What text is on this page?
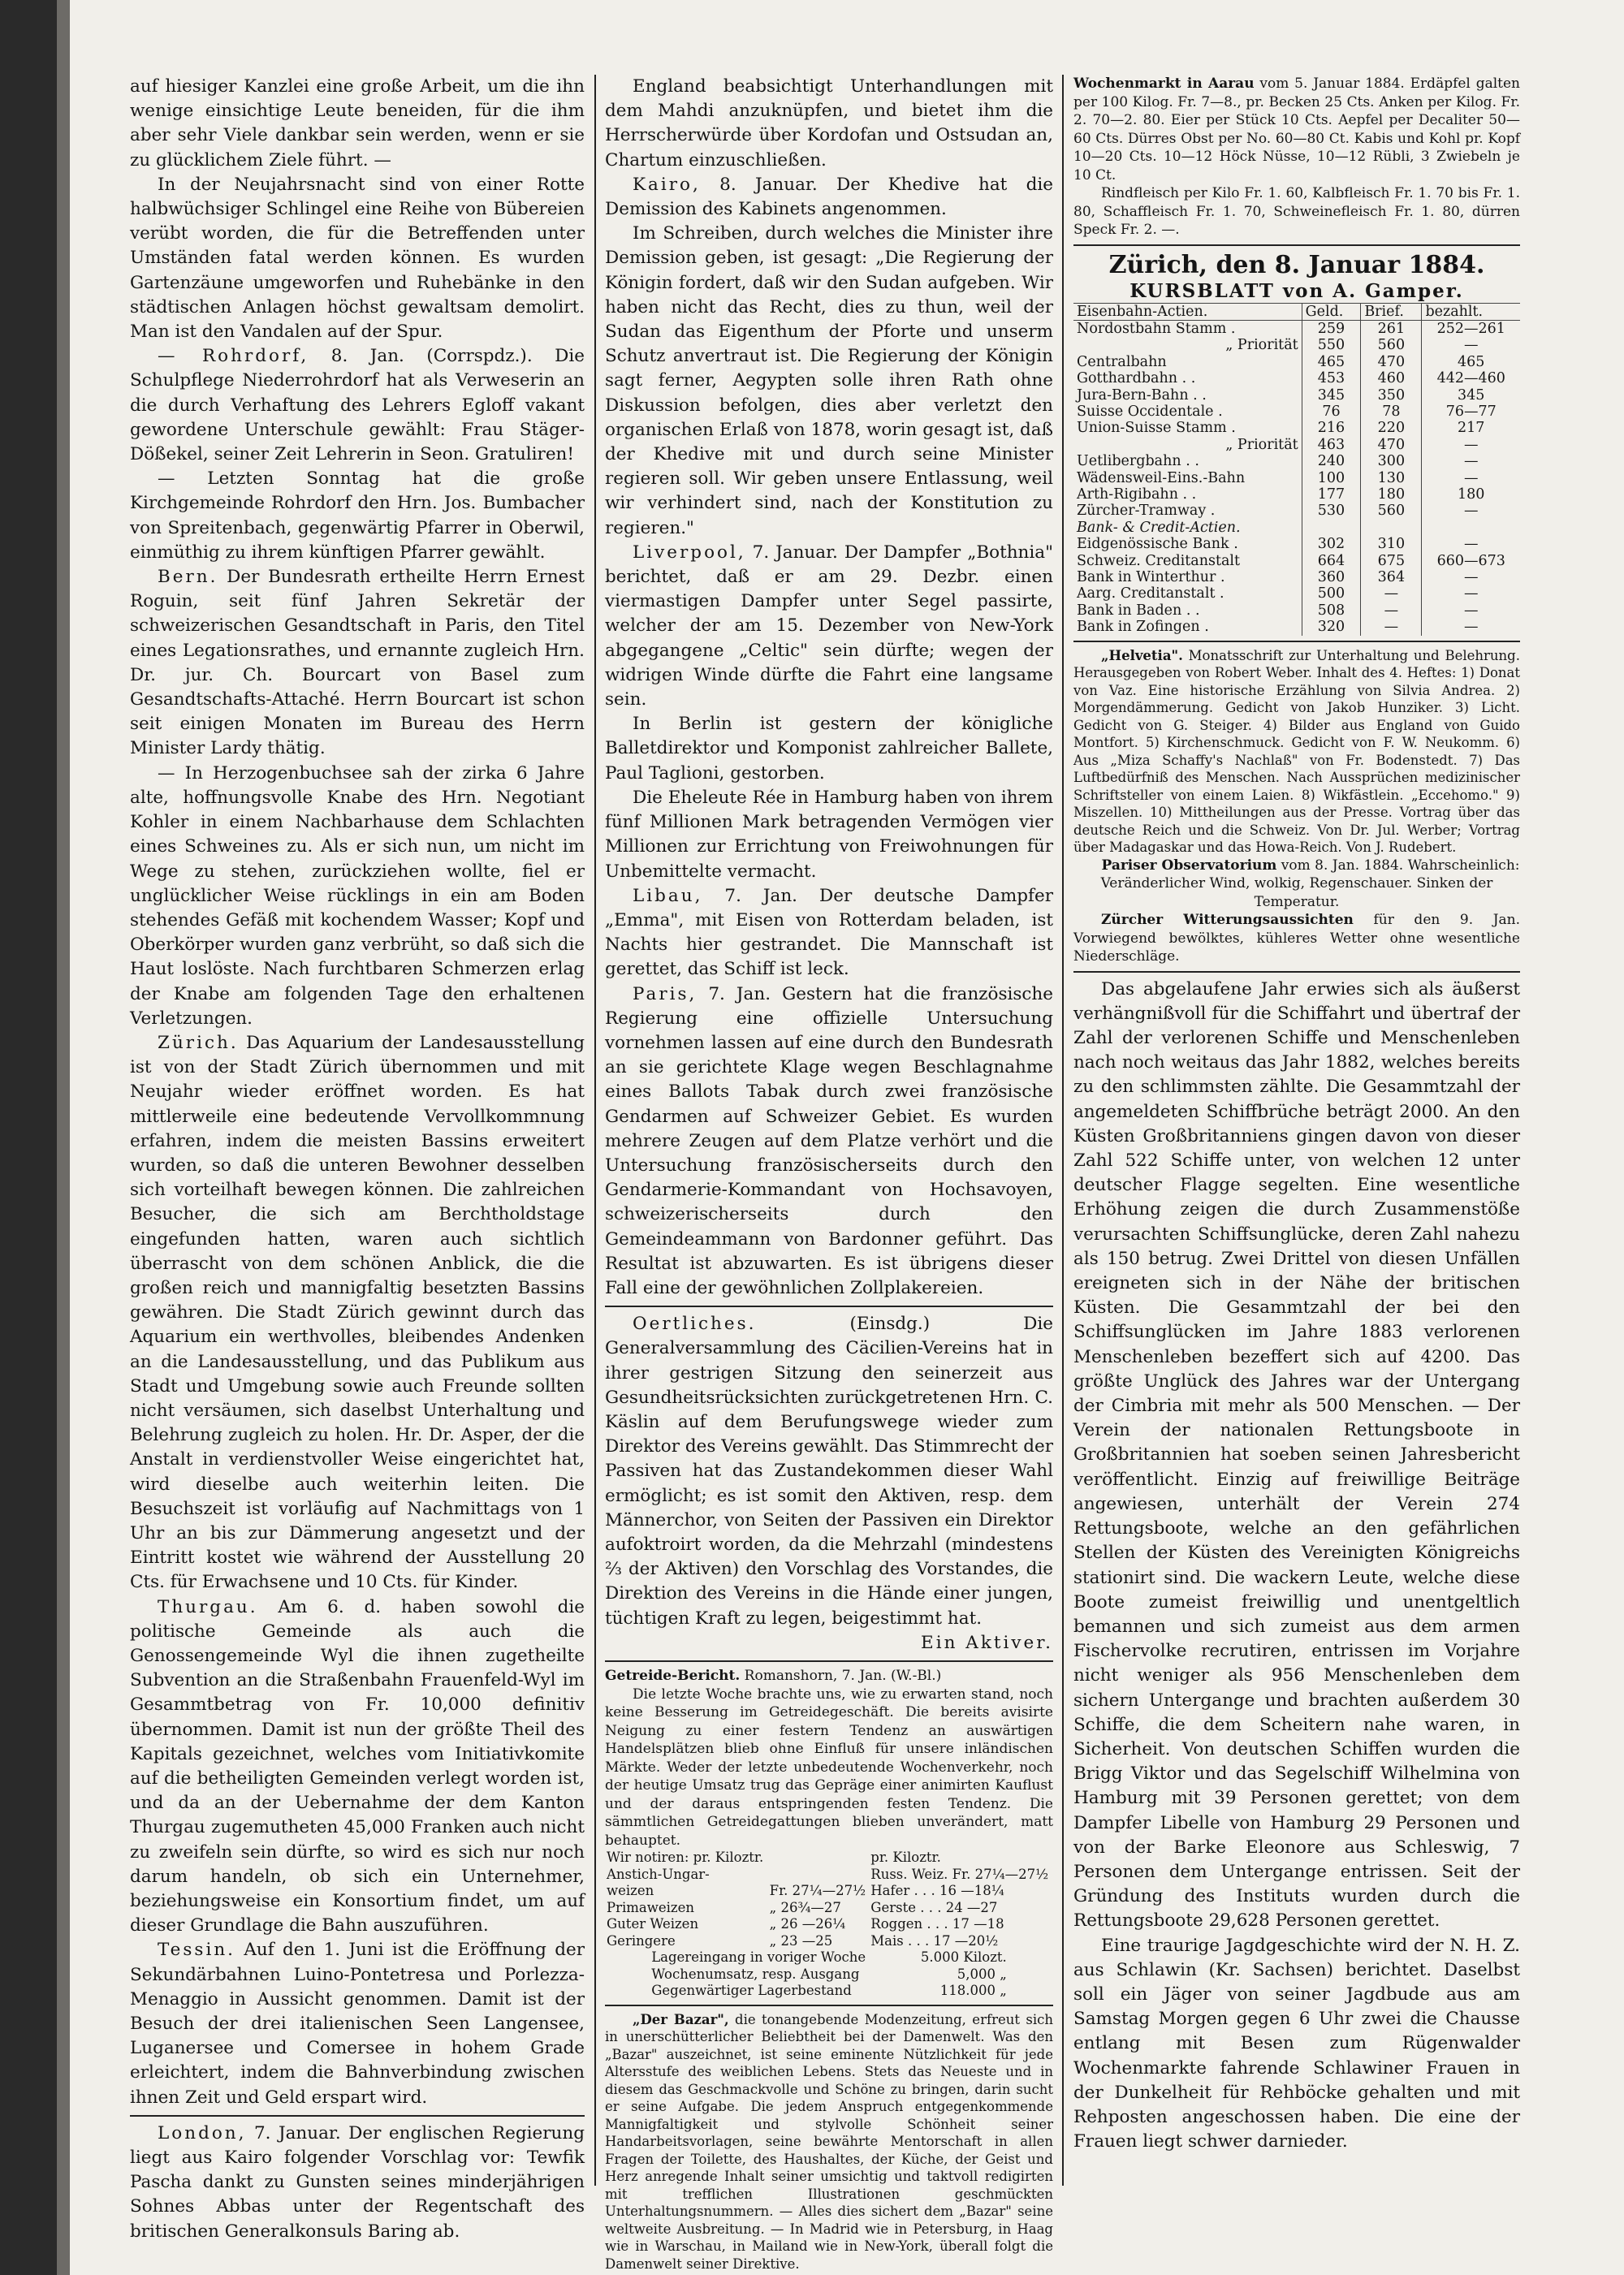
auf hiesiger Kanzlei eine große Arbeit, um die ihn wenige einsichtige Leute beneiden, für die ihm aber sehr Viele dankbar sein werden, wenn er sie zu glücklichem Ziele führt. —

In der Neujahrsnacht sind von einer Rotte halbwüchsiger Schlingel eine Reihe von Bübereien verübt worden, die für die Betreffenden unter Umständen fatal werden können. Es wurden Gartenzäune umgeworfen und Ruhebänke in den städtischen Anlagen höchst gewaltsam demolirt. Man ist den Vandalen auf der Spur.

— Rohrdorf, 8. Jan. (Corrspdz.). Die Schulpflege Niederrohrdorf hat als Verweserin an die durch Verhaftung des Lehrers Egloff vakant gewordene Unterschule gewählt: Frau Stäger-Dößekel, seiner Zeit Lehrerin in Seon. Gratuliren!

— Letzten Sonntag hat die große Kirchgemeinde Rohrdorf den Hrn. Jos. Bumbacher von Spreitenbach, gegenwärtig Pfarrer in Oberwil, einmüthig zu ihrem künftigen Pfarrer gewählt.

Bern. Der Bundesrath ertheilte Herrn Ernest Roguin, seit fünf Jahren Sekretär der schweizerischen Gesandtschaft in Paris, den Titel eines Legationsrathes, und ernannte zugleich Hrn. Dr. jur. Ch. Bourcart von Basel zum Gesandtschafts-Attaché. Herrn Bourcart ist schon seit einigen Monaten im Bureau des Herrn Minister Lardy thätig.

— In Herzogenbuchsee sah der zirka 6 Jahre alte, hoffnungsvolle Knabe des Hrn. Negotiant Kohler in einem Nachbarhause dem Schlachten eines Schweines zu. Als er sich nun, um nicht im Wege zu stehen, zurückziehen wollte, fiel er unglücklicher Weise rücklings in ein am Boden stehendes Gefäß mit kochendem Wasser; Kopf und Oberkörper wurden ganz verbrüht, so daß sich die Haut loslöste. Nach furchtbaren Schmerzen erlag der Knabe am folgenden Tage den erhaltenen Verletzungen.

Zürich. Das Aquarium der Landesausstellung ist von der Stadt Zürich übernommen und mit Neujahr wieder eröffnet worden. Es hat mittlerweile eine bedeutende Vervollkommnung erfahren, indem die meisten Bassins erweitert wurden, so daß die unteren Bewohner desselben sich vorteilhaft bewegen können. Die zahlreichen Besucher, die sich am Berchtholdstage eingefunden hatten, waren auch sichtlich überrascht von dem schönen Anblick, die die großen reich und mannigfaltig besetzten Bassins gewähren. Die Stadt Zürich gewinnt durch das Aquarium ein werthvolles, bleibendes Andenken an die Landesausstellung, und das Publikum aus Stadt und Umgebung sowie auch Freunde sollten nicht versäumen, sich daselbst Unterhaltung und Belehrung zugleich zu holen. Hr. Dr. Asper, der die Anstalt in verdienstvoller Weise eingerichtet hat, wird dieselbe auch weiterhin leiten. Die Besuchszeit ist vorläufig auf Nachmittags von 1 Uhr an bis zur Dämmerung angesetzt und der Eintritt kostet wie während der Ausstellung 20 Cts. für Erwachsene und 10 Cts. für Kinder.

Thurgau. Am 6. d. haben sowohl die politische Gemeinde als auch die Genossengemeinde Wyl die ihnen zugetheilte Subvention an die Straßenbahn Frauenfeld-Wyl im Gesammtbetrag von Fr. 10,000 definitiv übernommen. Damit ist nun der größte Theil des Kapitals gezeichnet, welches vom Initiativkomite auf die betheiligten Gemeinden verlegt worden ist, und da an der Uebernahme der dem Kanton Thurgau zugemutheten 45,000 Franken auch nicht zu zweifeln sein dürfte, so wird es sich nur noch darum handeln, ob sich ein Unternehmer, beziehungsweise ein Konsortium findet, um auf dieser Grundlage die Bahn auszuführen.

Tessin. Auf den 1. Juni ist die Eröffnung der Sekundärbahnen Luino-Pontetresa und Porlezza-Menaggio in Aussicht genommen. Damit ist der Besuch der drei italienischen Seen Langensee, Luganersee und Comersee in hohem Grade erleichtert, indem die Bahnverbindung zwischen ihnen Zeit und Geld erspart wird.

London, 7. Januar. Der englischen Regierung liegt aus Kairo folgender Vorschlag vor: Tewfik Pascha dankt zu Gunsten seines minderjährigen Sohnes Abbas unter der Regentschaft des britischen Generalkonsuls Baring ab.

England beabsichtigt Unterhandlungen mit dem Mahdi anzuknüpfen, und bietet ihm die Herrscherwürde über Kordofan und Ostsudan an, Chartum einzuschließen.

Kairo, 8. Januar. Der Khedive hat die Demission des Kabinets angenommen.

Im Schreiben, durch welches die Minister ihre Demission geben, ist gesagt: „Die Regierung der Königin fordert, daß wir den Sudan aufgeben. Wir haben nicht das Recht, dies zu thun, weil der Sudan das Eigenthum der Pforte und unserm Schutz anvertraut ist. Die Regierung der Königin sagt ferner, Aegypten solle ihren Rath ohne Diskussion befolgen, dies aber verletzt den organischen Erlaß von 1878, worin gesagt ist, daß der Khedive mit und durch seine Minister regieren soll. Wir geben unsere Entlassung, weil wir verhindert sind, nach der Konstitution zu regieren."

Liverpool, 7. Januar. Der Dampfer „Bothnia" berichtet, daß er am 29. Dezbr. einen viermastigen Dampfer unter Segel passirte, welcher der am 15. Dezember von New-York abgegangene „Celtic" sein dürfte; wegen der widrigen Winde dürfte die Fahrt eine langsame sein.

In Berlin ist gestern der königliche Balletdirektor und Komponist zahlreicher Ballete, Paul Taglioni, gestorben.

Die Eheleute Rée in Hamburg haben von ihrem fünf Millionen Mark betragenden Vermögen vier Millionen zur Errichtung von Freiwohnungen für Unbemittelte vermacht.

Libau, 7. Jan. Der deutsche Dampfer „Emma", mit Eisen von Rotterdam beladen, ist Nachts hier gestrandet. Die Mannschaft ist gerettet, das Schiff ist leck.

Paris, 7. Jan. Gestern hat die französische Regierung eine offizielle Untersuchung vornehmen lassen auf eine durch den Bundesrath an sie gerichtete Klage wegen Beschlagnahme eines Ballots Tabak durch zwei französische Gendarmen auf Schweizer Gebiet. Es wurden mehrere Zeugen auf dem Platze verhört und die Untersuchung französischerseits durch den Gendarmerie-Kommandant von Hochsavoyen, schweizerischerseits durch den Gemeindeammann von Bardonner geführt. Das Resultat ist abzuwarten. Es ist übrigens dieser Fall eine der gewöhnlichen Zollplakereien.

Oertliches. (Einsdg.) Die Generalversammlung des Cäcilien-Vereins hat in ihrer gestrigen Sitzung den seinerzeit aus Gesundheitsrücksichten zurückgetretenen Hrn. C. Käslin auf dem Berufungswege wieder zum Direktor des Vereins gewählt. Das Stimmrecht der Passiven hat das Zustandekommen dieser Wahl ermöglicht; es ist somit den Aktiven, resp. dem Männerchor, von Seiten der Passiven ein Direktor aufoktroirt worden, da die Mehrzahl (mindestens ⅔ der Aktiven) den Vorschlag des Vorstandes, die Direktion des Vereins in die Hände einer jungen, tüchtigen Kraft zu legen, beigestimmt hat.

Ein Aktiver.

Getreide-Bericht. Romanshorn, 7. Jan. (W.-Bl.)

Die letzte Woche brachte uns, wie zu erwarten stand, noch keine Besserung im Getreidegeschäft. Die bereits avisirte Neigung zu einer festern Tendenz an auswärtigen Handelsplätzen blieb ohne Einfluß für unsere inländischen Märkte. Weder der letzte unbedeutende Wochenverkehr, noch der heutige Umsatz trug das Gepräge einer animirten Kauflust und der daraus entspringenden festen Tendenz. Die sämmtlichen Getreidegattungen blieben unverändert, matt behauptet.

Wir notiren: pr. Kiloztr.		pr. Kiloztr.
Anstich-Ungar-		Russ. Weiz. Fr. 27¼—27½
weizen	Fr. 27¼—27½	Hafer . . . 16 —18¼
Primaweizen	„ 26¾—27	Gerste . . . 24 —27
Guter Weizen	„ 26 —26¼	Roggen . . . 17 —18
Geringere	„ 23 —25	Mais . . . 17 —20½
Lagereingang in voriger Woche	5.000 Kilozt.
Wochenumsatz, resp. Ausgang	5,000 „
Gegenwärtiger Lagerbestand	118.000 „

„Der Bazar", die tonangebende Modenzeitung, erfreut sich in unerschütterlicher Beliebtheit bei der Damenwelt. Was den „Bazar" auszeichnet, ist seine eminente Nützlichkeit für jede Altersstufe des weiblichen Lebens. Stets das Neueste und in diesem das Geschmackvolle und Schöne zu bringen, darin sucht er seine Aufgabe. Die jedem Anspruch entgegenkommende Mannigfaltigkeit und stylvolle Schönheit seiner Handarbeitsvorlagen, seine bewährte Mentorschaft in allen Fragen der Toilette, des Haushaltes, der Küche, der Geist und Herz anregende Inhalt seiner umsichtig und taktvoll redigirten mit trefflichen Illustrationen geschmückten Unterhaltungsnummern. — Alles dies sichert dem „Bazar" seine weltweite Ausbreitung. — In Madrid wie in Petersburg, in Haag wie in Warschau, in Mailand wie in New-York, überall folgt die Damenwelt seiner Direktive.

Wochenmarkt in Aarau vom 5. Januar 1884. Erdäpfel galten per 100 Kilog. Fr. 7—8., pr. Becken 25 Cts. Anken per Kilog. Fr. 2. 70—2. 80. Eier per Stück 10 Cts. Aepfel per Decaliter 50—60 Cts. Dürres Obst per No. 60—80 Ct. Kabis und Kohl pr. Kopf 10—20 Cts. 10—12 Höck Nüsse, 10—12 Rübli, 3 Zwiebeln je 10 Ct.

Rindfleisch per Kilo Fr. 1. 60, Kalbfleisch Fr. 1. 70 bis Fr. 1. 80, Schaffleisch Fr. 1. 70, Schweinefleisch Fr. 1. 80, dürren Speck Fr. 2. —.

Zürich, den 8. Januar 1884.
KURSBLATT von A. Gamper.
Eisenbahn-Actien.	Geld.	Brief.	bezahlt.
Nordostbahn Stamm .	259	261	252—261
„ Priorität	550	560	—
Centralbahn	465	470	465
Gotthardbahn . .	453	460	442—460
Jura-Bern-Bahn . .	345	350	345
Suisse Occidentale .	76	78	76—77
Union-Suisse Stamm .	216	220	217
„ Priorität	463	470	—
Uetlibergbahn . .	240	300	—
Wädensweil-Eins.-Bahn	100	130	—
Arth-Rigibahn . .	177	180	180
Zürcher-Tramway .	530	560	—
Bank- & Credit-Actien.			
Eidgenössische Bank .	302	310	—
Schweiz. Creditanstalt	664	675	660—673
Bank in Winterthur .	360	364	—
Aarg. Creditanstalt .	500	—	—
Bank in Baden . .	508	—	—
Bank in Zofingen .	320	—	—

„Helvetia". Monatsschrift zur Unterhaltung und Belehrung. Herausgegeben von Robert Weber. Inhalt des 4. Heftes: 1) Donat von Vaz. Eine historische Erzählung von Silvia Andrea. 2) Morgendämmerung. Gedicht von Jakob Hunziker. 3) Licht. Gedicht von G. Steiger. 4) Bilder aus England von Guido Montfort. 5) Kirchenschmuck. Gedicht von F. W. Neukomm. 6) Aus „Miza Schaffy's Nachlaß" von Fr. Bodenstedt. 7) Das Luftbedürfniß des Menschen. Nach Aussprüchen medizinischer Schriftsteller von einem Laien. 8) Wikfästlein. „Eccehomo." 9) Miszellen. 10) Mittheilungen aus der Presse. Vortrag über das deutsche Reich und die Schweiz. Von Dr. Jul. Werber; Vortrag über Madagaskar und das Howa-Reich. Von J. Rudebert.

Pariser Observatorium vom 8. Jan. 1884. Wahrscheinlich: Veränderlicher Wind, wolkig, Regenschauer. Sinken der Temperatur.

Zürcher Witterungsaussichten für den 9. Jan. Vorwiegend bewölktes, kühleres Wetter ohne wesentliche Niederschläge.

Das abgelaufene Jahr erwies sich als äußerst verhängnißvoll für die Schiffahrt und übertraf der Zahl der verlorenen Schiffe und Menschenleben nach noch weitaus das Jahr 1882, welches bereits zu den schlimmsten zählte. Die Gesammtzahl der angemeldeten Schiffbrüche beträgt 2000. An den Küsten Großbritanniens gingen davon von dieser Zahl 522 Schiffe unter, von welchen 12 unter deutscher Flagge segelten. Eine wesentliche Erhöhung zeigen die durch Zusammenstöße verursachten Schiffsunglücke, deren Zahl nahezu als 150 betrug. Zwei Drittel von diesen Unfällen ereigneten sich in der Nähe der britischen Küsten. Die Gesammtzahl der bei den Schiffsunglücken im Jahre 1883 verlorenen Menschenleben bezeffert sich auf 4200. Das größte Unglück des Jahres war der Untergang der Cimbria mit mehr als 500 Menschen. — Der Verein der nationalen Rettungsboote in Großbritannien hat soeben seinen Jahresbericht veröffentlicht. Einzig auf freiwillige Beiträge angewiesen, unterhält der Verein 274 Rettungsboote, welche an den gefährlichen Stellen der Küsten des Vereinigten Königreichs stationirt sind. Die wackern Leute, welche diese Boote zumeist freiwillig und unentgeltlich bemannen und sich zumeist aus dem armen Fischervolke recrutiren, entrissen im Vorjahre nicht weniger als 956 Menschenleben dem sichern Untergange und brachten außerdem 30 Schiffe, die dem Scheitern nahe waren, in Sicherheit. Von deutschen Schiffen wurden die Brigg Viktor und das Segelschiff Wilhelmina von Hamburg mit 39 Personen gerettet; von dem Dampfer Libelle von Hamburg 29 Personen und von der Barke Eleonore aus Schleswig, 7 Personen dem Untergange entrissen. Seit der Gründung des Instituts wurden durch die Rettungsboote 29,628 Personen gerettet.

Eine traurige Jagdgeschichte wird der N. H. Z. aus Schlawin (Kr. Sachsen) berichtet. Daselbst soll ein Jäger von seiner Jagdbude aus am Samstag Morgen gegen 6 Uhr zwei die Chausse entlang mit Besen zum Rügenwalder Wochenmarkte fahrende Schlawiner Frauen in der Dunkelheit für Rehböcke gehalten und mit Rehposten angeschossen haben. Die eine der Frauen liegt schwer darnieder.
